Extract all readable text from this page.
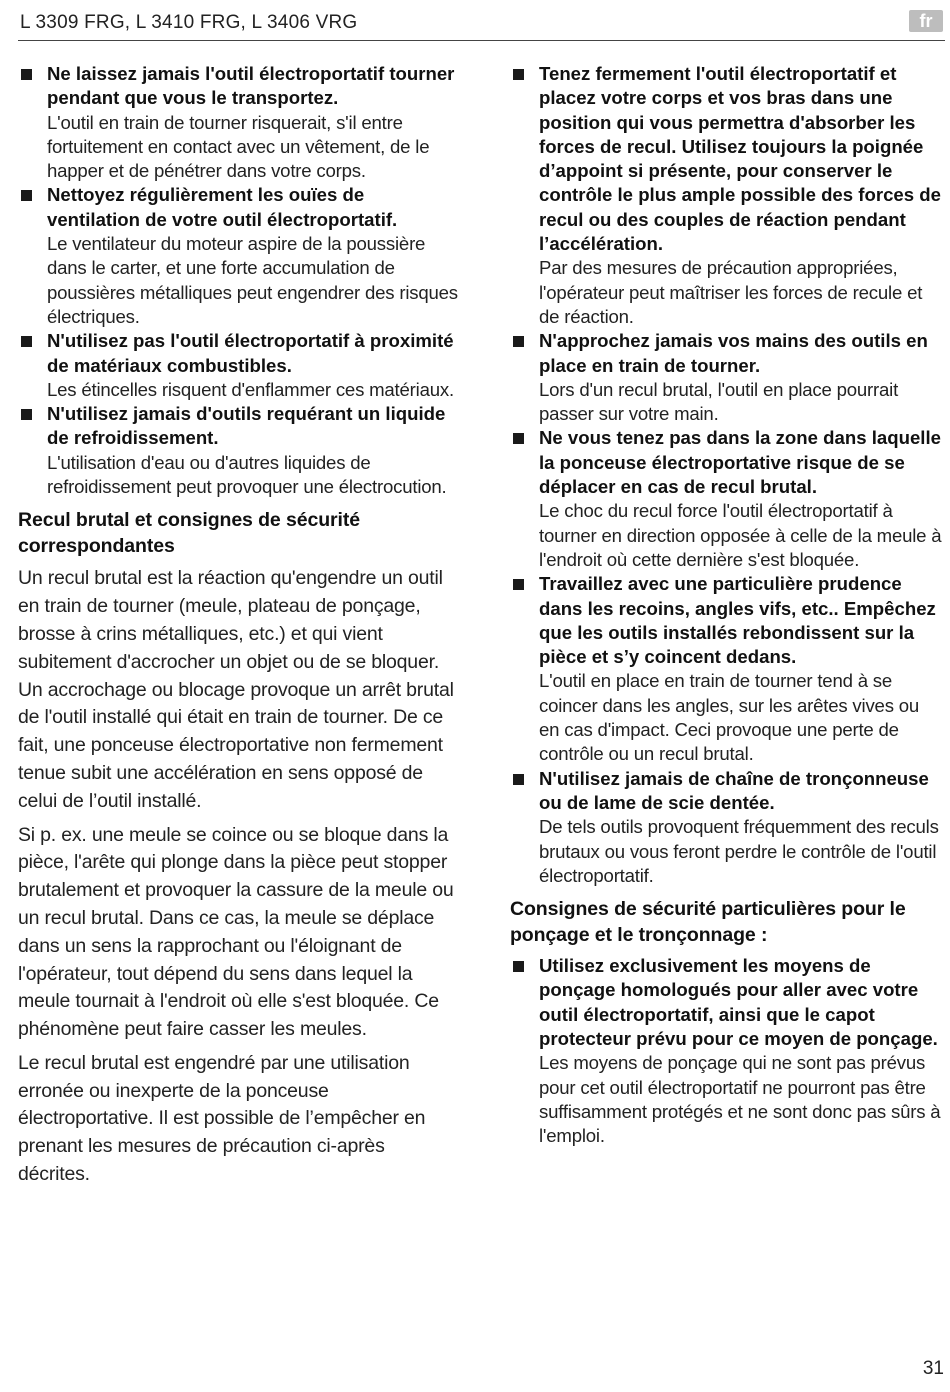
L 3309 FRG, L 3410 FRG, L 3406 VRG	fr
Ne laissez jamais l'outil électroportatif tourner pendant que vous le transportez.
L'outil en train de tourner risquerait, s'il entre fortuitement en contact avec un vêtement, de le happer et de pénétrer dans votre corps.
Nettoyez régulièrement les ouïes de ventilation de votre outil électroportatif.
Le ventilateur du moteur aspire de la poussière dans le carter, et une forte accumulation de poussières métalliques peut engendrer des risques électriques.
N'utilisez pas l'outil électroportatif à proximité de matériaux combustibles.
Les étincelles risquent d'enflammer ces matériaux.
N'utilisez jamais d'outils requérant un liquide de refroidissement.
L'utilisation d'eau ou d'autres liquides de refroidissement peut provoquer une électrocution.
Recul brutal et consignes de sécurité correspondantes

Un recul brutal est la réaction qu'engendre un outil en train de tourner (meule, plateau de ponçage, brosse à crins métalliques, etc.) et qui vient subitement d'accrocher un objet ou de se bloquer. Un accrochage ou blocage provoque un arrêt brutal de l'outil installé qui était en train de tourner. De ce fait, une ponceuse électroportative non fermement tenue subit une accélération en sens opposé de celui de l’outil installé.

Si p. ex. une meule se coince ou se bloque dans la pièce, l'arête qui plonge dans la pièce peut stopper brutalement et provoquer la cassure de la meule ou un recul brutal. Dans ce cas, la meule se déplace dans un sens la rapprochant ou l'éloignant de l'opérateur, tout dépend du sens dans lequel la meule tournait à l'endroit où elle s'est bloquée. Ce phénomène peut faire casser les meules.

Le recul brutal est engendré par une utilisation erronée ou inexperte de la ponceuse électroportative. Il est possible de l’empêcher en prenant les mesures de précaution ci-après décrites.

Tenez fermement l'outil électroportatif et placez votre corps et vos bras dans une position qui vous permettra d'absorber les forces de recul. Utilisez toujours la poignée d’appoint si présente, pour conserver le contrôle le plus ample possible des forces de recul ou des couples de réaction pendant l’accélération.
Par des mesures de précaution appropriées, l'opérateur peut maîtriser les forces de recule et de réaction.
N'approchez jamais vos mains des outils en place en train de tourner.
Lors d'un recul brutal, l'outil en place pourrait passer sur votre main.
Ne vous tenez pas dans la zone dans laquelle la ponceuse électroportative risque de se déplacer en cas de recul brutal.
Le choc du recul force l'outil électroportatif à tourner en direction opposée à celle de la meule à l'endroit où cette dernière s'est bloquée.
Travaillez avec une particulière prudence dans les recoins, angles vifs, etc.. Empêchez que les outils installés rebondissent sur la pièce et s’y coincent dedans.
L'outil en place en train de tourner tend à se coincer dans les angles, sur les arêtes vives ou en cas d'impact. Ceci provoque une perte de contrôle ou un recul brutal.
N'utilisez jamais de chaîne de tronçonneuse ou de lame de scie dentée.
De tels outils provoquent fréquemment des reculs brutaux ou vous feront perdre le contrôle de l'outil électroportatif.
Consignes de sécurité particulières pour le ponçage et le tronçonnage :
Utilisez exclusivement les moyens de ponçage homologués pour aller avec votre outil électroportatif, ainsi que le capot protecteur prévu pour ce moyen de ponçage.
Les moyens de ponçage qui ne sont pas prévus pour cet outil électroportatif ne pourront pas être suffisamment protégés et ne sont donc pas sûrs à l'emploi.
31
